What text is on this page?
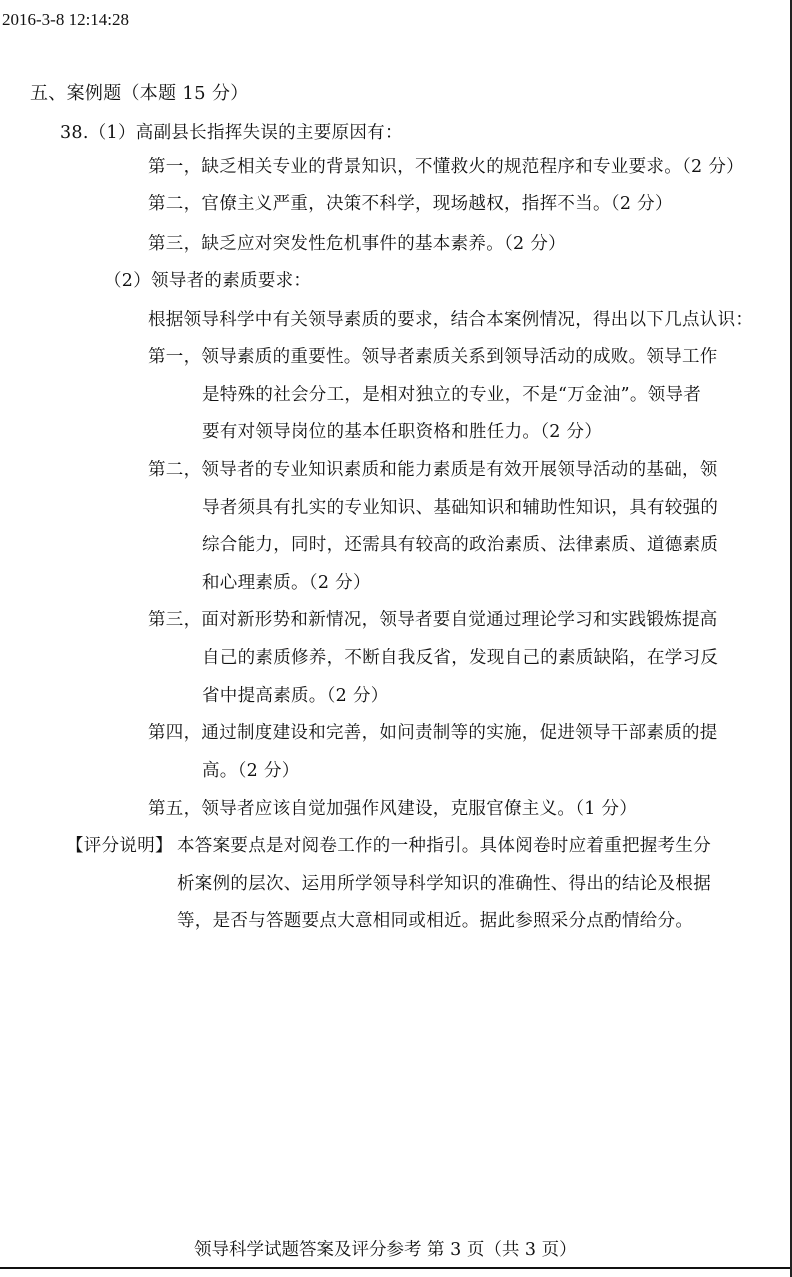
2016-3-8 12:14:28
五、案例题（本题 15 分）
38.（1）高副县长指挥失误的主要原因有：
第一，缺乏相关专业的背景知识，不懂救火的规范程序和专业要求。（2 分）
第二，官僚主义严重，决策不科学，现场越权，指挥不当。（2 分）
第三，缺乏应对突发性危机事件的基本素养。（2 分）
（2）领导者的素质要求：
根据领导科学中有关领导素质的要求，结合本案例情况，得出以下几点认识：
第一，领导素质的重要性。领导者素质关系到领导活动的成败。领导工作
是特殊的社会分工，是相对独立的专业，不是“万金油”。领导者
要有对领导岗位的基本任职资格和胜任力。（2 分）
第二，领导者的专业知识素质和能力素质是有效开展领导活动的基础，领
导者须具有扎实的专业知识、基础知识和辅助性知识，具有较强的
综合能力，同时，还需具有较高的政治素质、法律素质、道德素质
和心理素质。（2 分）
第三，面对新形势和新情况，领导者要自觉通过理论学习和实践锻炼提高
自己的素质修养，不断自我反省，发现自己的素质缺陷，在学习反
省中提高素质。（2 分）
第四，通过制度建设和完善，如问责制等的实施，促进领导干部素质的提
高。（2 分）
第五，领导者应该自觉加强作风建设，克服官僚主义。（1 分）
【评分说明】 本答案要点是对阅卷工作的一种指引。具体阅卷时应着重把握考生分
析案例的层次、运用所学领导科学知识的准确性、得出的结论及根据
等，是否与答题要点大意相同或相近。据此参照采分点酌情给分。
领导科学试题答案及评分参考 第 3 页（共 3 页）
